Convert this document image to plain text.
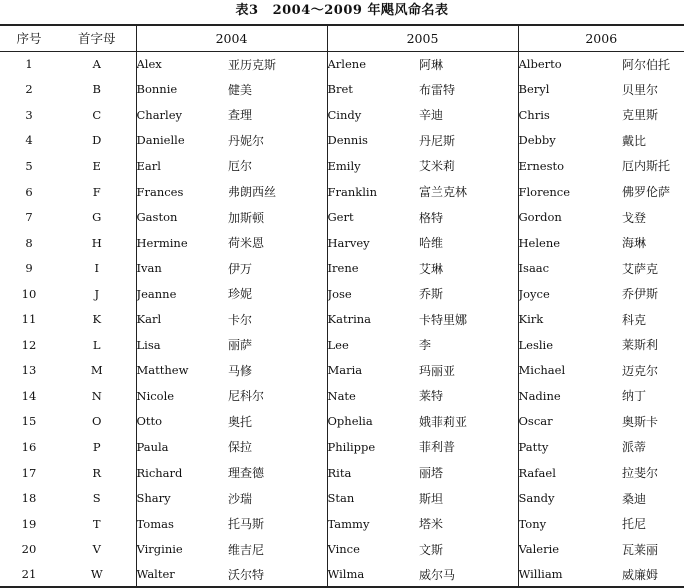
表3 2004～2009 年飓风命名表
序号	首字母	2004		2005		2006	
1	A	Alex	亚历克斯	Arlene	阿琳	Alberto	阿尔伯托
2	B	Bonnie	健美	Bret	布雷特	Beryl	贝里尔
3	C	Charley	查理	Cindy	辛迪	Chris	克里斯
4	D	Danielle	丹妮尔	Dennis	丹尼斯	Debby	戴比
5	E	Earl	厄尔	Emily	艾米莉	Ernesto	厄内斯托
6	F	Frances	弗朗西丝	Franklin	富兰克林	Florence	佛罗伦萨
7	G	Gaston	加斯顿	Gert	格特	Gordon	戈登
8	H	Hermine	荷米恩	Harvey	哈维	Helene	海琳
9	I	Ivan	伊万	Irene	艾琳	Isaac	艾萨克
10	J	Jeanne	珍妮	Jose	乔斯	Joyce	乔伊斯
11	K	Karl	卡尔	Katrina	卡特里娜	Kirk	科克
12	L	Lisa	丽萨	Lee	李	Leslie	莱斯利
13	M	Matthew	马修	Maria	玛丽亚	Michael	迈克尔
14	N	Nicole	尼科尔	Nate	莱特	Nadine	纳丁
15	O	Otto	奥托	Ophelia	娥菲莉亚	Oscar	奥斯卡
16	P	Paula	保拉	Philippe	菲利普	Patty	派蒂
17	R	Richard	理查德	Rita	丽塔	Rafael	拉斐尔
18	S	Shary	沙瑞	Stan	斯坦	Sandy	桑迪
19	T	Tomas	托马斯	Tammy	塔米	Tony	托尼
20	V	Virginie	维吉尼	Vince	文斯	Valerie	瓦莱丽
21	W	Walter	沃尔特	Wilma	威尔马	William	威廉姆
